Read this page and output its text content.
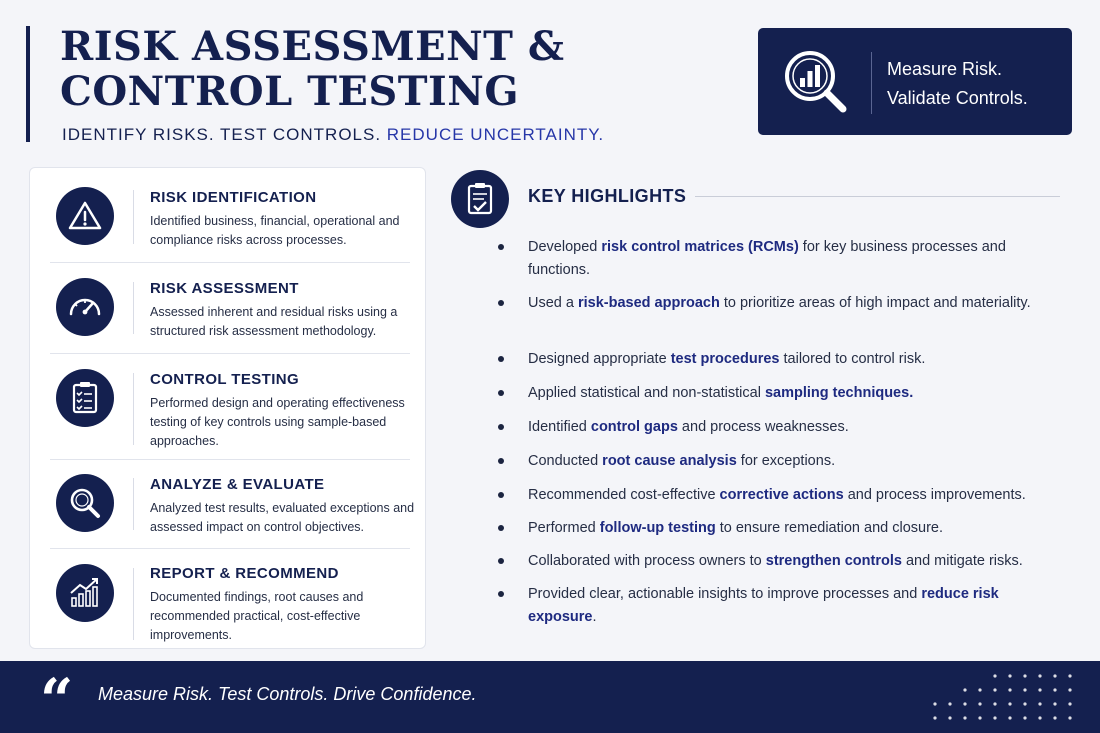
RISK ASSESSMENT &
CONTROL TESTING
IDENTIFY RISKS. TEST CONTROLS. REDUCE UNCERTAINTY.
Measure Risk.
Validate Controls.
RISK IDENTIFICATION
Identified business, financial, operational and compliance risks across processes.
RISK ASSESSMENT
Assessed inherent and residual risks using a structured risk assessment methodology.
CONTROL TESTING
Performed design and operating effectiveness testing of key controls using sample-based approaches.
ANALYZE & EVALUATE
Analyzed test results, evaluated exceptions and assessed impact on control objectives.
REPORT & RECOMMEND
Documented findings, root causes and recommended practical, cost-effective improvements.
KEY HIGHLIGHTS
Developed risk control matrices (RCMs) for key business processes and functions.
Used a risk-based approach to prioritize areas of high impact and materiality.
Designed appropriate test procedures tailored to control risk.
Applied statistical and non-statistical sampling techniques.
Identified control gaps and process weaknesses.
Conducted root cause analysis for exceptions.
Recommended cost-effective corrective actions and process improvements.
Performed follow-up testing to ensure remediation and closure.
Collaborated with process owners to strengthen controls and mitigate risks.
Provided clear, actionable insights to improve processes and reduce risk exposure.
“ Measure Risk. Test Controls. Drive Confidence.
